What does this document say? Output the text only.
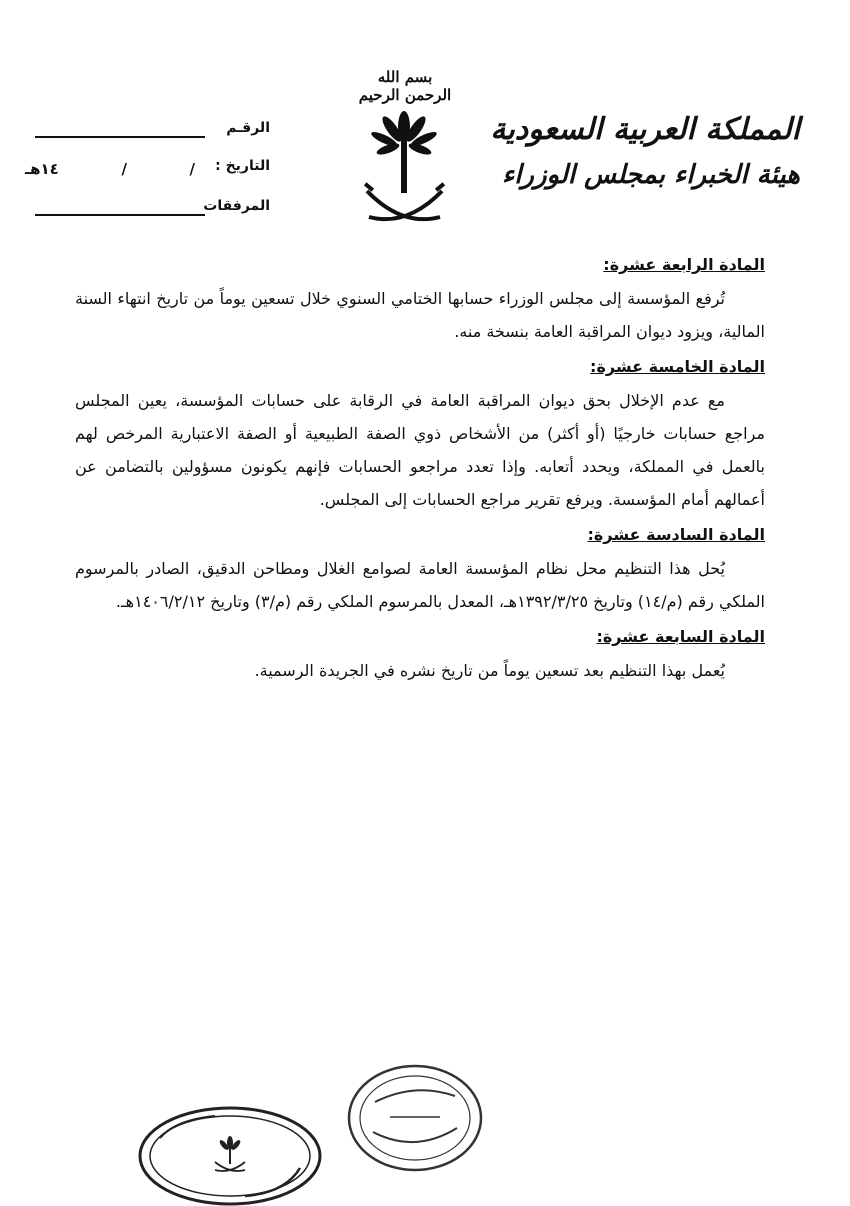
بسم الله الرحمن الرحيم
المملكة العربية السعودية
هيئة الخبراء بمجلس الوزراء
الرقـم
التاريخ :
/
/
١٤هـ
المرفقات

المادة الرابعة عشرة:

تُرفع المؤسسة إلى مجلس الوزراء حسابها الختامي السنوي خلال تسعين يوماً من تاريخ انتهاء السنة المالية، ويزود ديوان المراقبة العامة بنسخة منه.

المادة الخامسة عشرة:

مع عدم الإخلال بحق ديوان المراقبة العامة في الرقابة على حسابات المؤسسة، يعين المجلس مراجع حسابات خارجيًا (أو أكثر) من الأشخاص ذوي الصفة الطبيعية أو الصفة الاعتبارية المرخص لهم بالعمل في المملكة، ويحدد أتعابه. وإذا تعدد مراجعو الحسابات فإنهم يكونون مسؤولين بالتضامن عن أعمالهم أمام المؤسسة. ويرفع تقرير مراجع الحسابات إلى المجلس.

المادة السادسة عشرة:

يُحل هذا التنظيم محل نظام المؤسسة العامة لصوامع الغلال ومطاحن الدقيق، الصادر بالمرسوم الملكي رقم (م/١٤) وتاريخ ١٣٩٢/٣/٢٥هـ، المعدل بالمرسوم الملكي رقم (م/٣) وتاريخ ١٤٠٦/٢/١٢هـ.

المادة السابعة عشرة:

يُعمل بهذا التنظيم بعد تسعين يوماً من تاريخ نشره في الجريدة الرسمية.
